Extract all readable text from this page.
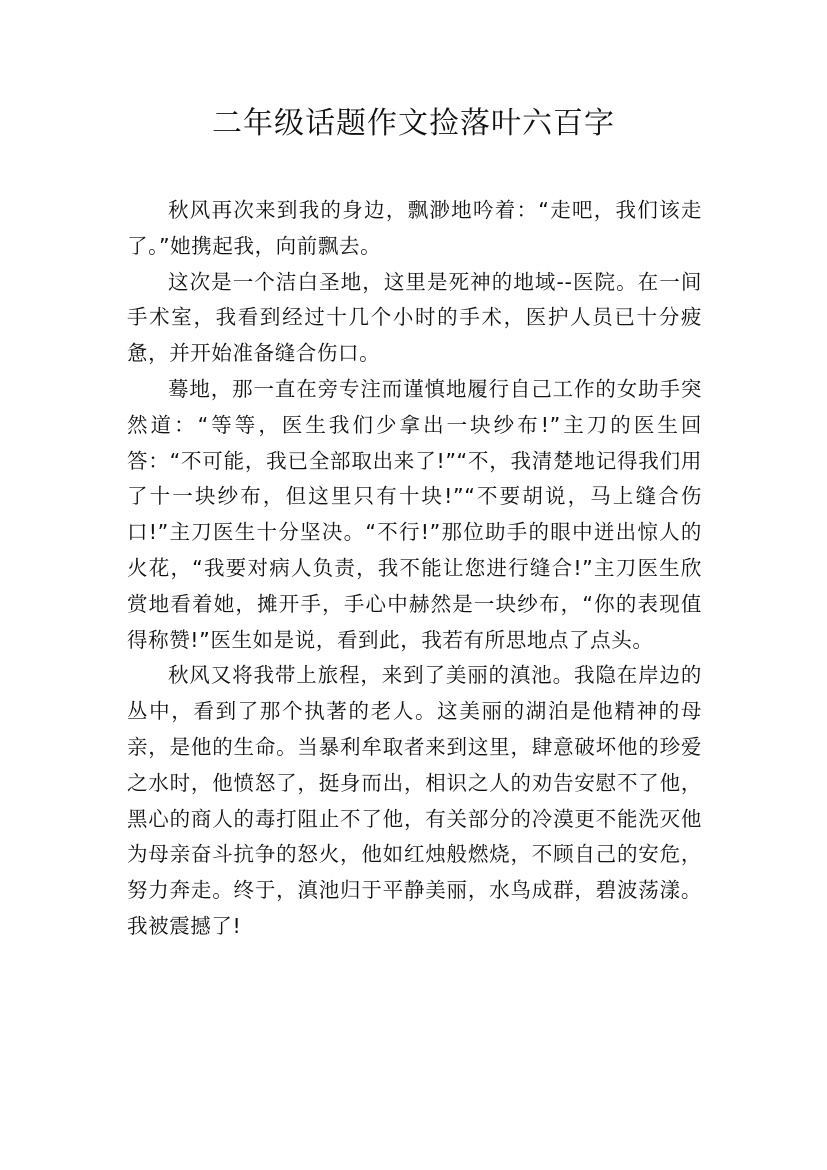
二年级话题作文捡落叶六百字

秋风再次来到我的身边，飘渺地吟着：“走吧，我们该走了。”她携起我，向前飘去。

这次是一个洁白圣地，这里是死神的地域--医院。在一间手术室，我看到经过十几个小时的手术，医护人员已十分疲惫，并开始准备缝合伤口。

蓦地，那一直在旁专注而谨慎地履行自己工作的女助手突然道：“等等，医生我们少拿出一块纱布!”主刀的医生回答：“不可能，我已全部取出来了!”“不，我清楚地记得我们用了十一块纱布，但这里只有十块!”“不要胡说，马上缝合伤口!”主刀医生十分坚决。“不行!”那位助手的眼中迸出惊人的火花，“我要对病人负责，我不能让您进行缝合!”主刀医生欣赏地看着她，摊开手，手心中赫然是一块纱布，“你的表现值得称赞!”医生如是说，看到此，我若有所思地点了点头。

秋风又将我带上旅程，来到了美丽的滇池。我隐在岸边的丛中，看到了那个执著的老人。这美丽的湖泊是他精神的母亲，是他的生命。当暴利牟取者来到这里，肆意破坏他的珍爱之水时，他愤怒了，挺身而出，相识之人的劝告安慰不了他，黑心的商人的毒打阻止不了他，有关部分的冷漠更不能洗灭他为母亲奋斗抗争的怒火，他如红烛般燃烧，不顾自己的安危，努力奔走。终于，滇池归于平静美丽，水鸟成群，碧波荡漾。我被震撼了!
